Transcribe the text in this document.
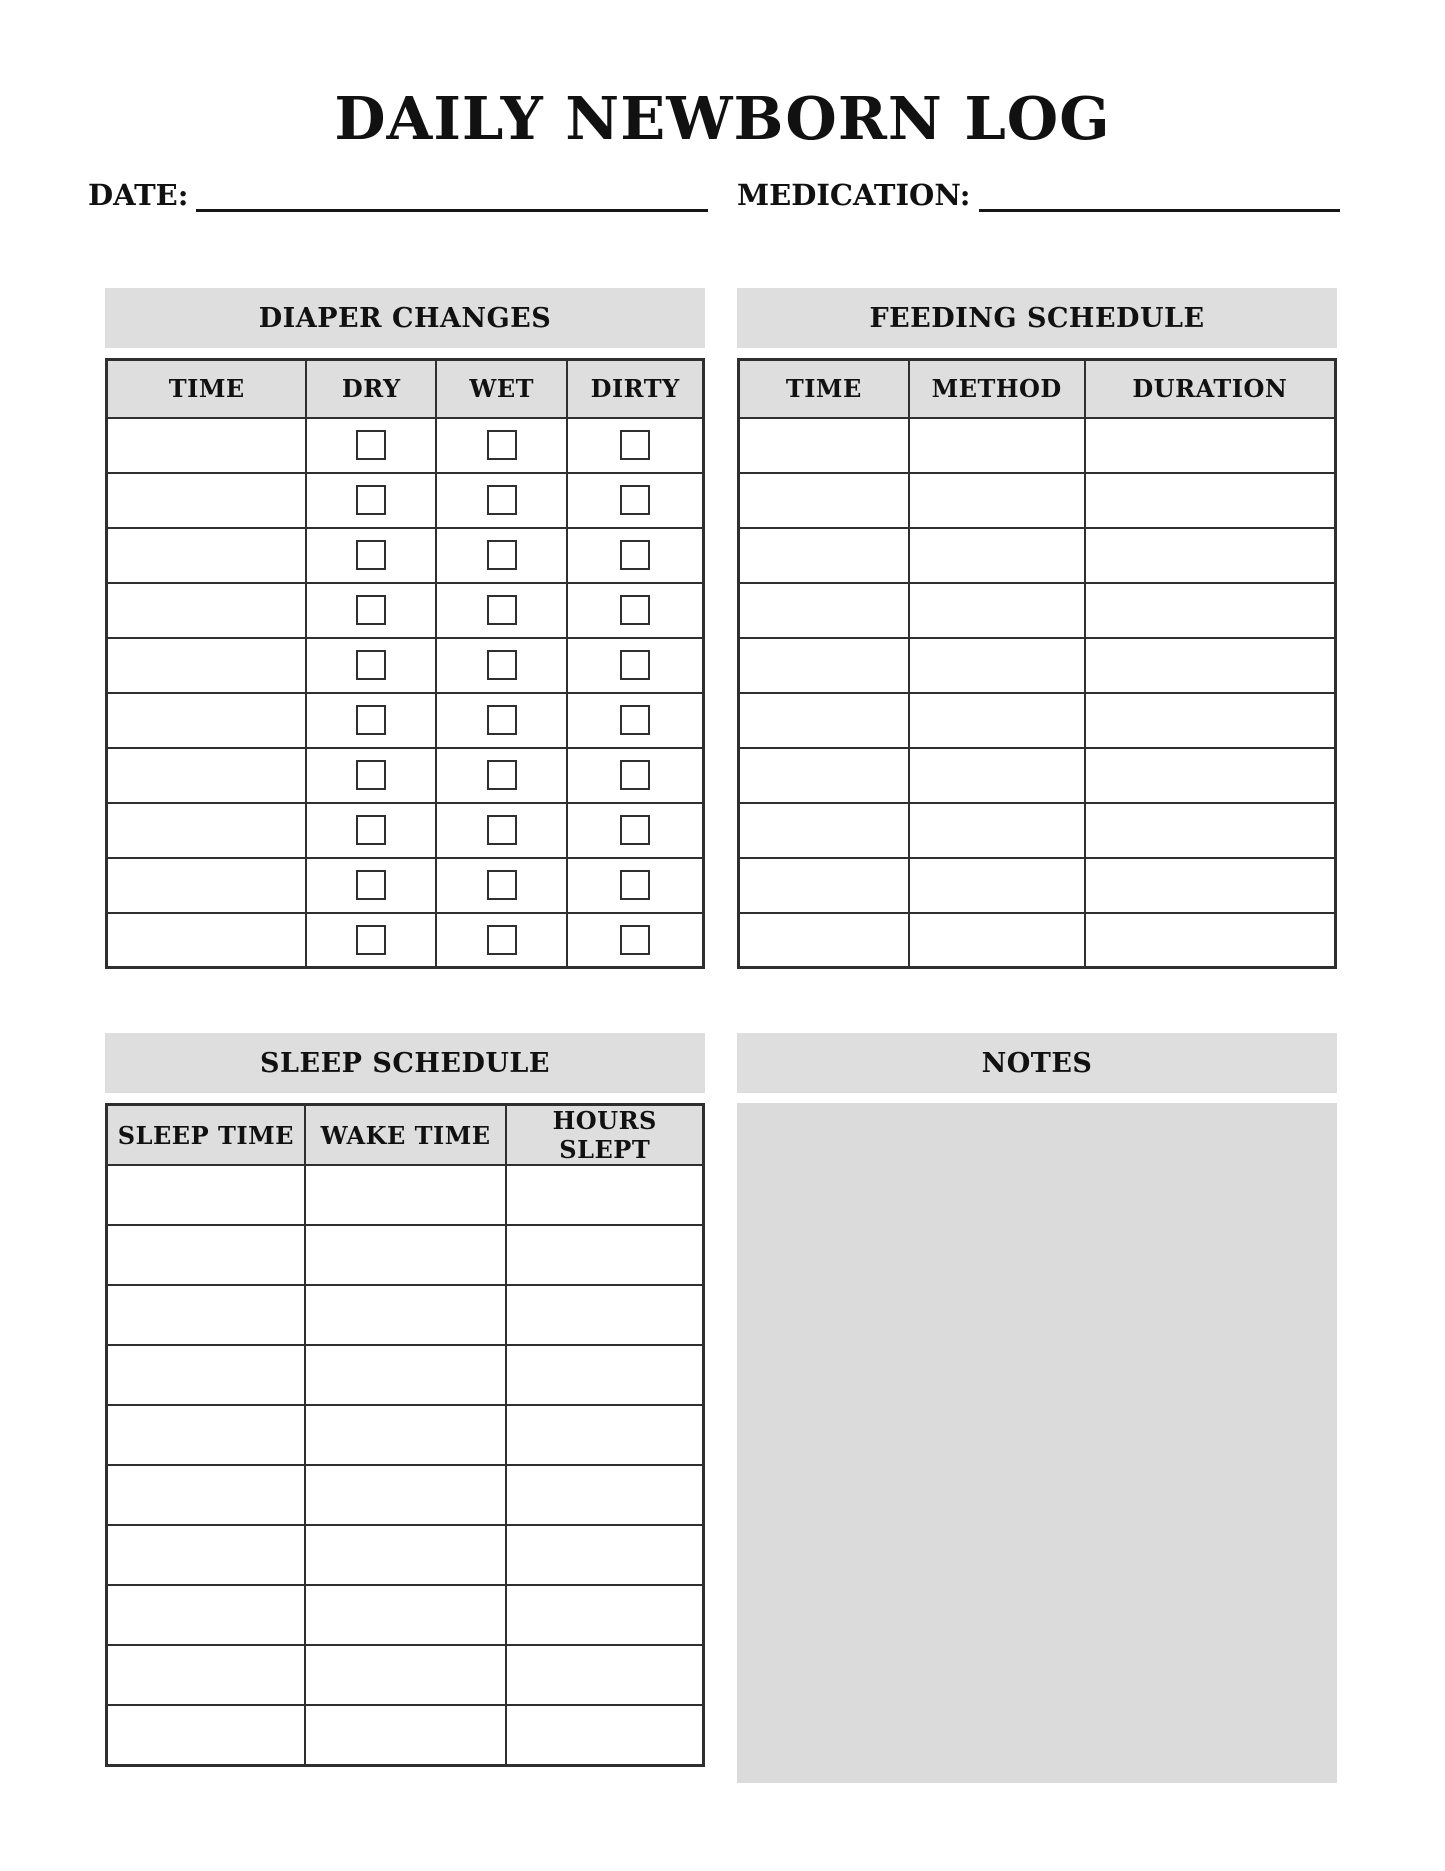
DAILY NEWBORN LOG
DATE:	MEDICATION:
DIAPER CHANGES
TIME	DRY	WET	DIRTY

FEEDING SCHEDULE
TIME	METHOD	DURATION

SLEEP SCHEDULE
SLEEP TIME	WAKE TIME	HOURS SLEPT

NOTES
